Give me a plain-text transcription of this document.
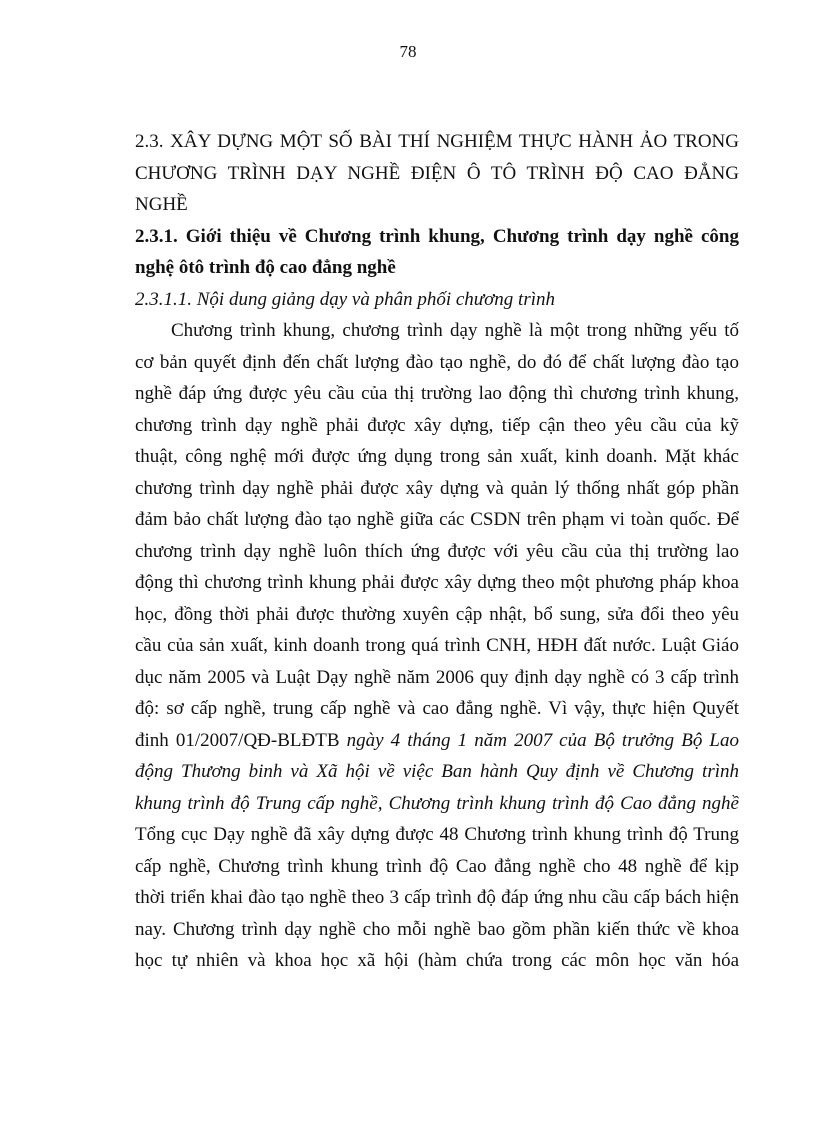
78
2.3. XÂY DỰNG MỘT SỐ BÀI THÍ NGHIỆM THỰC HÀNH ẢO TRONG
CHƯƠNG TRÌNH DẠY NGHỀ ĐIỆN Ô TÔ TRÌNH ĐỘ CAO ĐẲNG
NGHỀ
2.3.1. Giới thiệu về Chương trình khung, Chương trình dạy nghề công
nghệ ôtô trình độ cao đẳng nghề
2.3.1.1. Nội dung giảng dạy và phân phối chương trình
Chương trình khung, chương trình dạy nghề là một trong những yếu tố
cơ bản quyết định đến chất lượng đào tạo nghề, do đó để chất lượng đào tạo
nghề đáp ứng được yêu cầu của thị trường lao động thì chương trình khung,
chương trình dạy nghề phải được xây dựng, tiếp cận theo yêu cầu của kỹ
thuật, công nghệ mới được ứng dụng trong sản xuất, kinh doanh. Mặt khác
chương trình dạy nghề phải được xây dựng và quản lý thống nhất góp phần
đảm bảo chất lượng đào tạo nghề giữa các CSDN trên phạm vi toàn quốc. Để
chương trình dạy nghề luôn thích ứng được với yêu cầu của thị trường lao
động thì chương trình khung phải được xây dựng theo một phương pháp khoa
học, đồng thời phải được thường xuyên cập nhật, bổ sung, sửa đổi theo yêu
cầu của sản xuất, kinh doanh trong quá trình CNH, HĐH đất nước. Luật Giáo
dục năm 2005 và Luật Dạy nghề năm 2006 quy định dạy nghề có 3 cấp trình
độ: sơ cấp nghề, trung cấp nghề và cao đẳng nghề. Vì vậy, thực hiện Quyết
đinh 01/2007/QĐ-BLĐTB ngày 4 tháng 1 năm 2007 của Bộ trưởng Bộ Lao
động Thương binh và Xã hội về việc Ban hành Quy định về Chương trình
khung trình độ Trung cấp nghề, Chương trình khung trình độ Cao đẳng nghề
Tổng cục Dạy nghề đã xây dựng được 48 Chương trình khung trình độ Trung
cấp nghề, Chương trình khung trình độ Cao đẳng nghề cho 48 nghề để kịp
thời triển khai đào tạo nghề theo 3 cấp trình độ đáp ứng nhu cầu cấp bách hiện
nay. Chương trình dạy nghề cho mỗi nghề bao gồm phần kiến thức về khoa
học tự nhiên và khoa học xã hội (hàm chứa trong các môn học văn hóa
